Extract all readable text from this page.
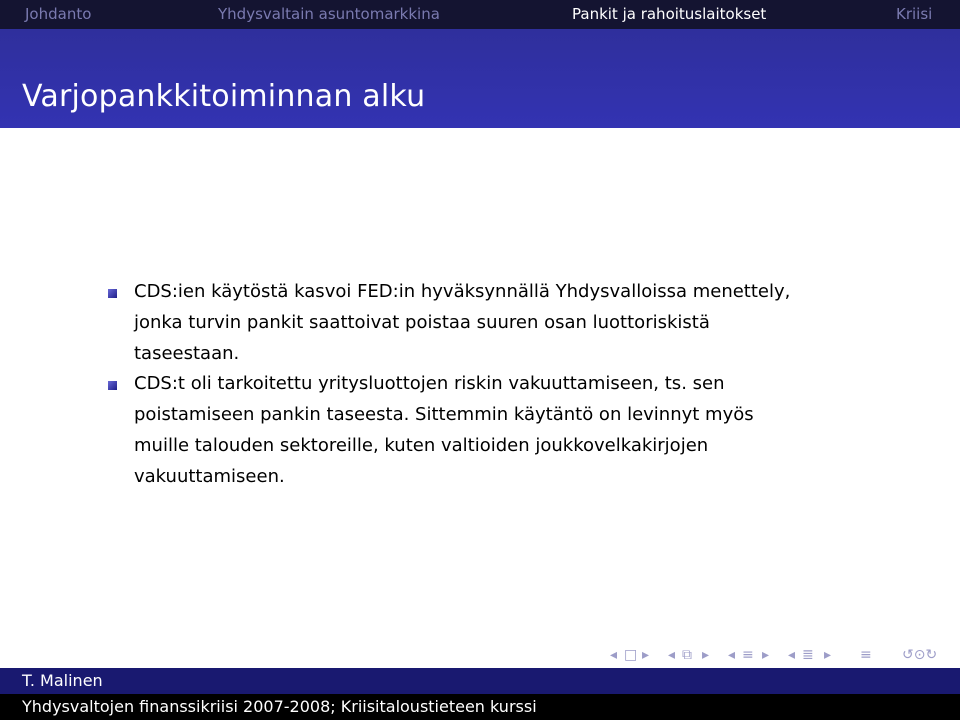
Johdanto	Yhdysvaltain asuntomarkkina	Pankit ja rahoituslaitokset	Kriisi
Varjopankkitoiminnan alku

CDS:ien käytöstä kasvoi FED:in hyväksynnällä Yhdysvalloissa menettely,
jonka turvin pankit saattoivat poistaa suuren osan luottoriskistä
taseestaan.

CDS:t oli tarkoitettu yritysluottojen riskin vakuuttamiseen, ts. sen
poistamiseen pankin taseesta. Sittemmin käytäntö on levinnyt myös
muille talouden sektoreille, kuten valtioiden joukkovelkakirjojen
vakuuttamiseen.

◂ □ ▸ ◂ ⧉ ▸ ◂ ≡ ▸ ◂ ≣ ▸ ≡ ↺⊙↻
T. Malinen
Yhdysvaltojen finanssikriisi 2007-2008; Kriisitaloustieteen kurssi
